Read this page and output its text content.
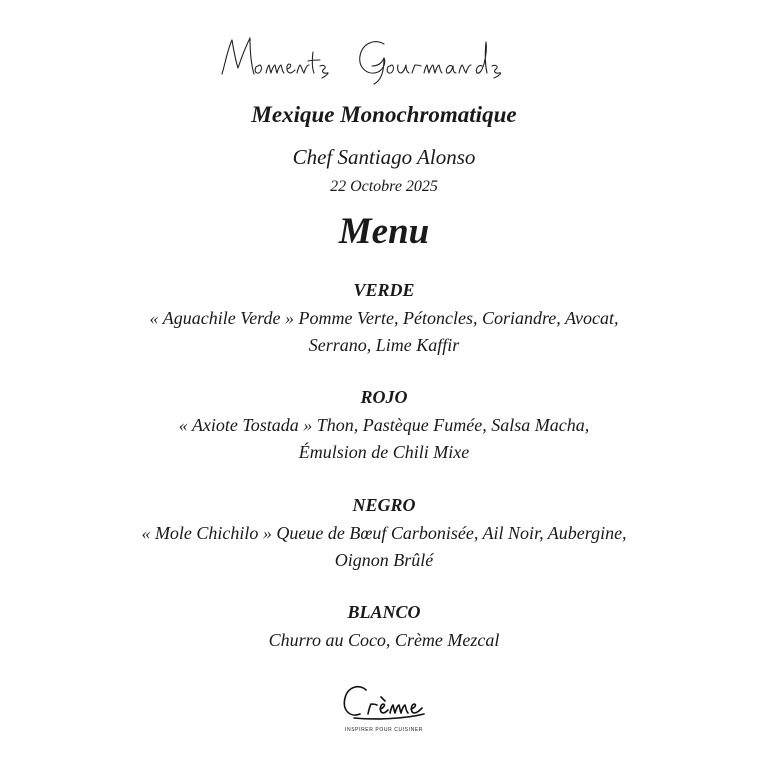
Moments Gourmands
Mexique Monochromatique
Chef Santiago Alonso
22 Octobre 2025
Menu
VERDE
« Aguachile Verde » Pomme Verte, Pétoncles, Coriandre, Avocat,
Serrano, Lime Kaffir
ROJO
« Axiote Tostada » Thon, Pastèque Fumée, Salsa Macha,
Émulsion de Chili Mixe
NEGRO
« Mole Chichilo » Queue de Bœuf Carbonisée, Ail Noir, Aubergine,
Oignon Brûlé
BLANCO
Churro au Coco, Crème Mezcal
Crème
INSPIRER POUR CUISINER
